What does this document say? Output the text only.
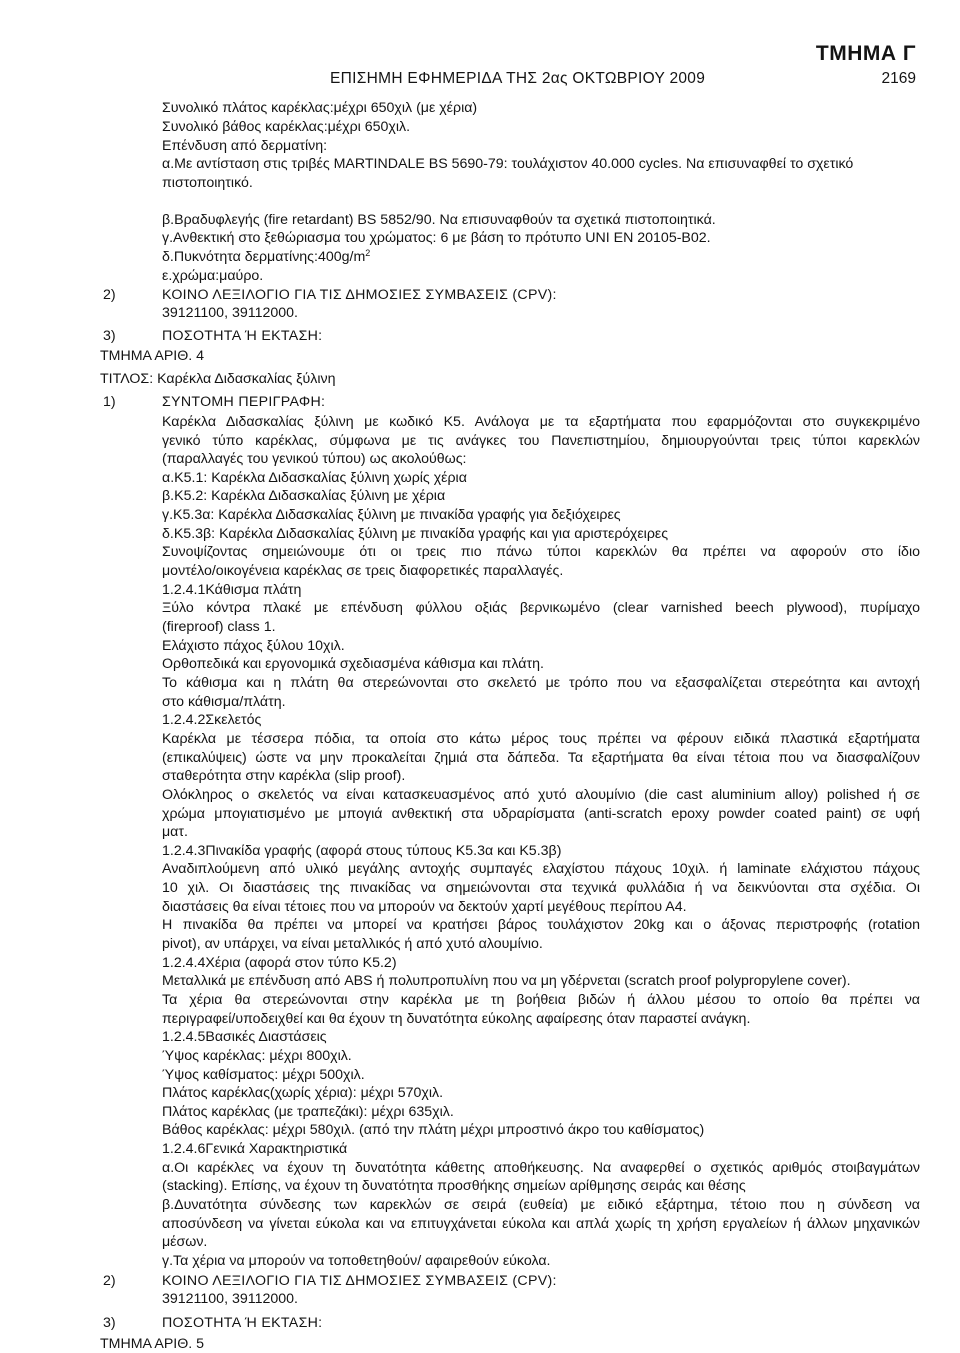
ΤΜΗΜΑ Γ
ΕΠΙΣΗΜΗ ΕΦΗΜΕΡΙΔΑ ΤΗΣ 2ας ΟΚΤΩΒΡΙΟΥ 2009	2169
Συνολικό πλάτος καρέκλας:μέχρι 650χιλ (με χέρια)
Συνολικό βάθος καρέκλας:μέχρι 650χιλ.
Επένδυση από δερματίνη:
α.Με αντίσταση στις τριβές MARTINDALE BS 5690-79: τουλάχιστον 40.000 cycles. Να επισυναφθεί το σχετικό
πιστοποιητικό.
β.Βραδυφλεγής (fire retardant) BS 5852/90. Να επισυναφθούν τα σχετικά πιστοποιητικά.
γ.Ανθεκτική στο ξεθώριασμα του χρώματος: 6 με βάση το πρότυπο UNI EN 20105-B02.
δ.Πυκνότητα $\delta\varepsilon\rho\mu\alpha\tau ί\nu\eta\varsigma:400g/m^2$
ε.χρώμα:μαύρο.
2)	ΚΟΙΝΟ ΛΕΞΙΛΟΓΙΟ ΓΙΑ ΤΙΣ ΔΗΜΟΣΙΕΣ ΣΥΜΒΑΣΕΙΣ (CPV):
39121100, 39112000.
3)	ΠΟΣΟΤΗΤΑ Ή ΕΚΤΑΣΗ:
ΤΜΗΜΑ ΑΡΙΘ. 4
ΤΙΤΛΟΣ: Καρέκλα Διδασκαλίας ξύλινη
1)	ΣΥΝΤΟΜΗ ΠΕΡΙΓΡΑΦΗ:
Καρέκλα Διδασκαλίας ξύλινη με κωδικό Κ5. Ανάλογα με τα εξαρτήματα που εφαρμόζονται στο συγκεκριμένο
γενικό τύπο καρέκλας, σύμφωνα με τις ανάγκες του Πανεπιστημίου, δημιουργούνται τρεις τύποι καρεκλών
(παραλλαγές του γενικού τύπου) ως ακολούθως:
α.Κ5.1: Καρέκλα Διδασκαλίας ξύλινη χωρίς χέρια
β.Κ5.2: Καρέκλα Διδασκαλίας ξύλινη με χέρια
γ.Κ5.3α: Καρέκλα Διδασκαλίας ξύλινη με πινακίδα γραφής για δεξιόχειρες
δ.Κ5.3β: Καρέκλα Διδασκαλίας ξύλινη με πινακίδα γραφής και για αριστερόχειρες
Συνοψίζοντας σημειώνουμε ότι οι τρεις πιο πάνω τύποι καρεκλών θα πρέπει να αφορούν στο ίδιο
μοντέλο/οικογένεια καρέκλας σε τρεις διαφορετικές παραλλαγές.
1.2.4.1Κάθισμα πλάτη
Ξύλο κόντρα πλακέ με επένδυση φύλλου οξιάς βερνικωμένο (clear varnished beech plywood), πυρίμαχο
(fireproof) class 1.
Ελάχιστο πάχος ξύλου 10χιλ.
Ορθοπεδικά και εργονομικά σχεδιασμένα κάθισμα και πλάτη.
Το κάθισμα και η πλάτη θα στερεώνονται στο σκελετό με τρόπο που να εξασφαλίζεται στερεότητα και αντοχή
στο κάθισμα/πλάτη.
1.2.4.2Σκελετός
Καρέκλα με τέσσερα πόδια, τα οποία στο κάτω μέρος τους πρέπει να φέρουν ειδικά πλαστικά εξαρτήματα
(επικαλύψεις) ώστε να μην προκαλείται ζημιά στα δάπεδα. Τα εξαρτήματα θα είναι τέτοια που να διασφαλίζουν
σταθερότητα στην καρέκλα (slip proof).
Ολόκληρος ο σκελετός να είναι κατασκευασμένος από χυτό αλουμίνιο (die cast aluminium alloy) polished ή σε
χρώμα μπογιατισμένο με μπογιά ανθεκτική στα υδραρίσματα (anti-scratch epoxy powder coated paint) σε υφή
ματ.
1.2.4.3Πινακίδα γραφής (αφορά στους τύπους Κ5.3α και Κ5.3β)
Αναδιπλούμενη από υλικό μεγάλης αντοχής συμπαγές ελαχίστου πάχους 10χιλ. ή laminate ελάχιστου πάχους
10 χιλ. Οι διαστάσεις της πινακίδας να σημειώνονται στα τεχνικά φυλλάδια ή να δεικνύονται στα σχέδια. Οι
διαστάσεις θα είναι τέτοιες που να μπορούν να δεκτούν χαρτί μεγέθους περίπου Α4.
Η πινακίδα θα πρέπει να μπορεί να κρατήσει βάρος τουλάχιστον 20kg και ο άξονας περιστροφής (rotation
pivot), αν υπάρχει, να είναι μεταλλικός ή από χυτό αλουμίνιο.
1.2.4.4Χέρια (αφορά στον τύπο Κ5.2)
Μεταλλικά με επένδυση από ABS ή πολυπροπυλίνη που να μη γδέρνεται (scratch proof polypropylene cover).
Τα χέρια θα στερεώνονται στην καρέκλα με τη βοήθεια βιδών ή άλλου μέσου το οποίο θα πρέπει να
περιγραφεί/υποδειχθεί και θα έχουν τη δυνατότητα εύκολης αφαίρεσης όταν παραστεί ανάγκη.
1.2.4.5Βασικές Διαστάσεις
Ύψος καρέκλας: μέχρι 800χιλ.
Ύψος καθίσματος: μέχρι 500χιλ.
Πλάτος καρέκλας(χωρίς χέρια): μέχρι 570χιλ.
Πλάτος καρέκλας (με τραπεζάκι): μέχρι 635χιλ.
Βάθος καρέκλας: μέχρι 580χιλ. (από την πλάτη μέχρι μπροστινό άκρο του καθίσματος)
1.2.4.6Γενικά Χαρακτηριστικά
α.Οι καρέκλες να έχουν τη δυνατότητα κάθετης αποθήκευσης. Να αναφερθεί ο σχετικός αριθμός στοιβαγμάτων
(stacking). Επίσης, να έχουν τη δυνατότητα προσθήκης σημείων αρίθμησης σειράς και θέσης
β.Δυνατότητα σύνδεσης των καρεκλών σε σειρά (ευθεία) με ειδικό εξάρτημα, τέτοιο που η σύνδεση να
αποσύνδεση να γίνεται εύκολα και να επιτυγχάνεται εύκολα και απλά χωρίς τη χρήση εργαλείων ή άλλων μηχανικών
μέσων.
γ.Τα χέρια να μπορούν να τοποθετηθούν/ αφαιρεθούν εύκολα.
2)	ΚΟΙΝΟ ΛΕΞΙΛΟΓΙΟ ΓΙΑ ΤΙΣ ΔΗΜΟΣΙΕΣ ΣΥΜΒΑΣΕΙΣ (CPV):
39121100, 39112000.
3)	ΠΟΣΟΤΗΤΑ Ή ΕΚΤΑΣΗ:
ΤΜΗΜΑ ΑΡΙΘ. 5
